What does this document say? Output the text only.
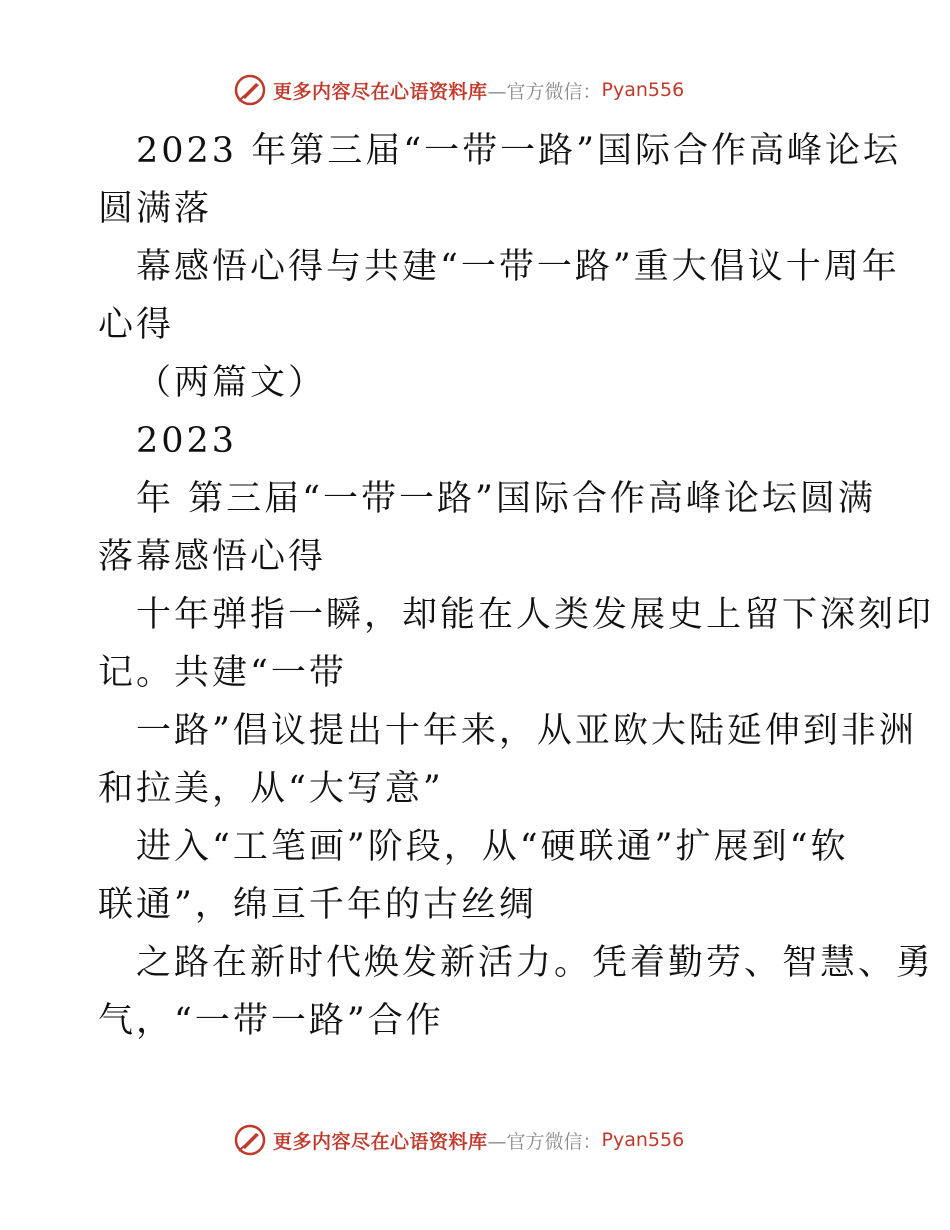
更多内容尽在心语资料库 —官方微信： Pyan556
2023 年第三届“一带一路”国际合作高峰论坛
圆满落
幕感悟心得与共建“一带一路”重大倡议十周年
心得
（两篇文）
2023
年 第三届“一带一路”国际合作高峰论坛圆满
落幕感悟心得
十年弹指一瞬，却能在人类发展史上留下深刻印
记。共建“一带
一路”倡议提出十年来，从亚欧大陆延伸到非洲
和拉美，从“大写意”
进入“工笔画”阶段，从“硬联通”扩展到“软
联通”，绵亘千年的古丝绸
之路在新时代焕发新活力。凭着勤劳、智慧、勇
气，“一带一路”合作
更多内容尽在心语资料库 —官方微信： Pyan556
